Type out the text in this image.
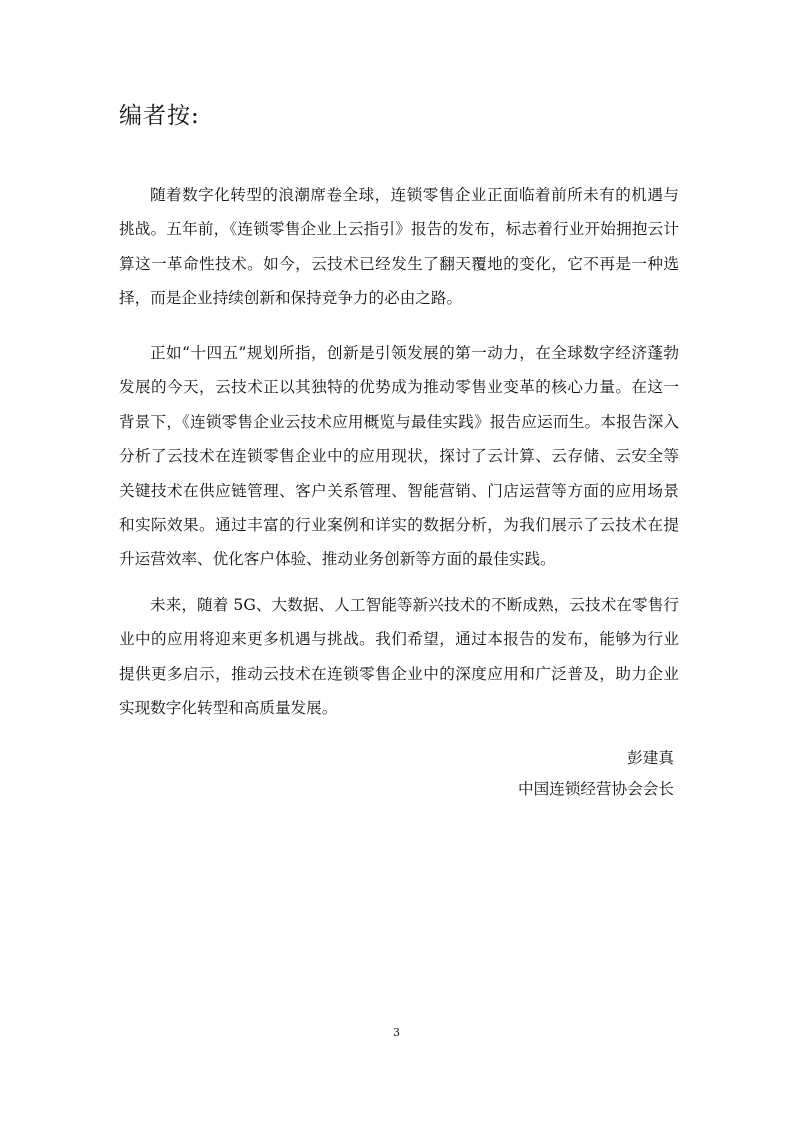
编者按:

随着数字化转型的浪潮席卷全球，连锁零售企业正面临着前所未有的机遇与挑战。五年前，《连锁零售企业上云指引》报告的发布，标志着行业开始拥抱云计算这一革命性技术。如今，云技术已经发生了翻天覆地的变化，它不再是一种选择，而是企业持续创新和保持竞争力的必由之路。

正如“十四五”规划所指，创新是引领发展的第一动力，在全球数字经济蓬勃发展的今天，云技术正以其独特的优势成为推动零售业变革的核心力量。在这一背景下，《连锁零售企业云技术应用概览与最佳实践》报告应运而生。本报告深入分析了云技术在连锁零售企业中的应用现状，探讨了云计算、云存储、云安全等关键技术在供应链管理、客户关系管理、智能营销、门店运营等方面的应用场景和实际效果。通过丰富的行业案例和详实的数据分析，为我们展示了云技术在提升运营效率、优化客户体验、推动业务创新等方面的最佳实践。

未来，随着 5G、大数据、人工智能等新兴技术的不断成熟，云技术在零售行业中的应用将迎来更多机遇与挑战。我们希望，通过本报告的发布，能够为行业提供更多启示，推动云技术在连锁零售企业中的深度应用和广泛普及，助力企业实现数字化转型和高质量发展。

彭建真

中国连锁经营协会会长

3
